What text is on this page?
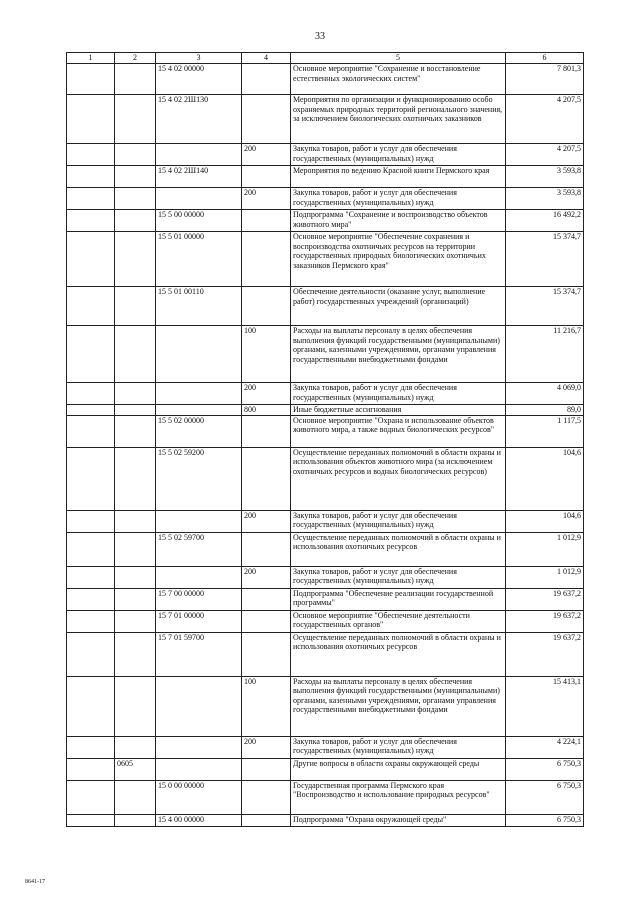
33
1	2	3	4	5	6
		15 4 02 00000		Основное мероприятие "Сохранение и восстановление естественных экологических систем"	7 801,3
		15 4 02 2Ш130		Мероприятия по организации и функционированию особо охраняемых природных территорий регионального значения, за исключением биологических охотничьих заказников	4 207,5
			200	Закупка товаров, работ и услуг для обеспечения государственных (муниципальных) нужд	4 207,5
		15 4 02 2Ш140		Мероприятия по ведению Красной книги Пермского края	3 593,8
			200	Закупка товаров, работ и услуг для обеспечения государственных (муниципальных) нужд	3 593,8
		15 5 00 00000		Подпрограмма "Сохранение и воспроизводство объектов животного мира"	16 492,2
		15 5 01 00000		Основное мероприятие "Обеспечение сохранения и воспроизводства охотничьих ресурсов на территории государственных природных биологических охотничьих заказников Пермского края"	15 374,7
		15 5 01 00110		Обеспечение деятельности (оказание услуг, выполнение работ) государственных учреждений (организаций)	15 374,7
			100	Расходы на выплаты персоналу в целях обеспечения выполнения функций государственными (муниципальными) органами, казенными учреждениями, органами управления государственными внебюджетными фондами	11 216,7
			200	Закупка товаров, работ и услуг для обеспечения государственных (муниципальных) нужд	4 069,0
			800	Иные бюджетные ассигнования	89,0
		15 5 02 00000		Основное мероприятие "Охрана и использование объектов животного мира, а также водных биологических ресурсов"	1 117,5
		15 5 02 59200		Осуществление переданных полномочий в области охраны и использования объектов животного мира (за исключением охотничьих ресурсов и водных биологических ресурсов)	104,6
			200	Закупка товаров, работ и услуг для обеспечения государственных (муниципальных) нужд	104,6
		15 5 02 59700		Осуществление переданных полномочий в области охраны и использования охотничьих ресурсов	1 012,9
			200	Закупка товаров, работ и услуг для обеспечения государственных (муниципальных) нужд	1 012,9
		15 7 00 00000		Подпрограмма "Обеспечение реализации государственной программы"	19 637,2
		15 7 01 00000		Основное мероприятие "Обеспечение деятельности государственных органов"	19 637,2
		15 7 01 59700		Осуществление переданных полномочий в области охраны и использования охотничьих ресурсов	19 637,2
			100	Расходы на выплаты персоналу в целях обеспечения выполнения функций государственными (муниципальными) органами, казенными учреждениями, органами управления государственными внебюджетными фондами	15 413,1
			200	Закупка товаров, работ и услуг для обеспечения государственных (муниципальных) нужд	4 224,1
	0605			Другие вопросы в области охраны окружающей среды	6 750,3
		15 0 00 00000		Государственная программа Пермского края "Воспроизводство и использование природных ресурсов"	6 750,3
		15 4 00 00000		Подпрограмма "Охрана окружающей среды"	6 750,3
8641-17
